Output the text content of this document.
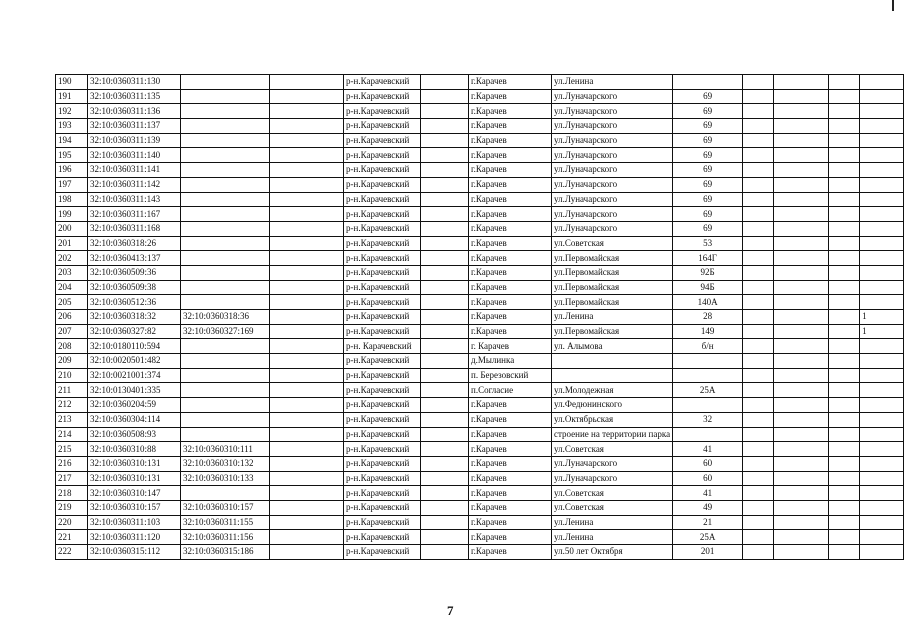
190	32:10:0360311:130			р-н.Карачевский		г.Карачев	ул.Ленина					
191	32:10:0360311:135			р-н.Карачевский		г.Карачев	ул.Луначарского	69				
192	32:10:0360311:136			р-н.Карачевский		г.Карачев	ул.Луначарского	69				
193	32:10:0360311:137			р-н.Карачевский		г.Карачев	ул.Луначарского	69				
194	32:10:0360311:139			р-н.Карачевский		г.Карачев	ул.Луначарского	69				
195	32:10:0360311:140			р-н.Карачевский		г.Карачев	ул.Луначарского	69				
196	32:10:0360311:141			р-н.Карачевский		г.Карачев	ул.Луначарского	69				
197	32:10:0360311:142			р-н.Карачевский		г.Карачев	ул.Луначарского	69				
198	32:10:0360311:143			р-н.Карачевский		г.Карачев	ул.Луначарского	69				
199	32:10:0360311:167			р-н.Карачевский		г.Карачев	ул.Луначарского	69				
200	32:10:0360311:168			р-н.Карачевский		г.Карачев	ул.Луначарского	69				
201	32:10:0360318:26			р-н.Карачевский		г.Карачев	ул.Советская	53				
202	32:10:0360413:137			р-н.Карачевский		г.Карачев	ул.Первомайская	164Г				
203	32:10:0360509:36			р-н.Карачевский		г.Карачев	ул.Первомайская	92Б				
204	32:10:0360509:38			р-н.Карачевский		г.Карачев	ул.Первомайская	94Б				
205	32:10:0360512:36			р-н.Карачевский		г.Карачев	ул.Первомайская	140А				
206	32:10:0360318:32	32:10:0360318:36		р-н.Карачевский		г.Карачев	ул.Ленина	28				1
207	32:10:0360327:82	32:10:0360327:169		р-н.Карачевский		г.Карачев	ул.Первомайская	149				1
208	32:10:0180110:594			р-н. Карачевский		г. Карачев	ул. Алымова	б/н				
209	32:10:0020501:482			р-н.Карачевский		д.Мылинка						
210	32:10:0021001:374			р-н.Карачевский		п. Березовский						
211	32:10:0130401:335			р-н.Карачевский		п.Согласие	ул.Молодежная	25А				
212	32:10:0360204:59			р-н.Карачевский		г.Карачев	ул.Федюнинского					
213	32:10:0360304:114			р-н.Карачевский		г.Карачев	ул.Октябрьская	32				
214	32:10:0360508:93			р-н.Карачевский		г.Карачев	строение на территории парка					
215	32:10:0360310:88	32:10:0360310:111		р-н.Карачевский		г.Карачев	ул.Советская	41				
216	32:10:0360310:131	32:10:0360310:132		р-н.Карачевский		г.Карачев	ул.Луначарского	60				
217	32:10:0360310:131	32:10:0360310:133		р-н.Карачевский		г.Карачев	ул.Луначарского	60				
218	32:10:0360310:147			р-н.Карачевский		г.Карачев	ул.Советская	41				
219	32:10:0360310:157	32:10:0360310:157		р-н.Карачевский		г.Карачев	ул.Советская	49				
220	32:10:0360311:103	32:10:0360311:155		р-н.Карачевский		г.Карачев	ул.Ленина	21				
221	32:10:0360311:120	32:10:0360311:156		р-н.Карачевский		г.Карачев	ул.Ленина	25А				
222	32:10:0360315:112	32:10:0360315:186		р-н.Карачевский		г.Карачев	ул.50 лет Октября	201				
7
